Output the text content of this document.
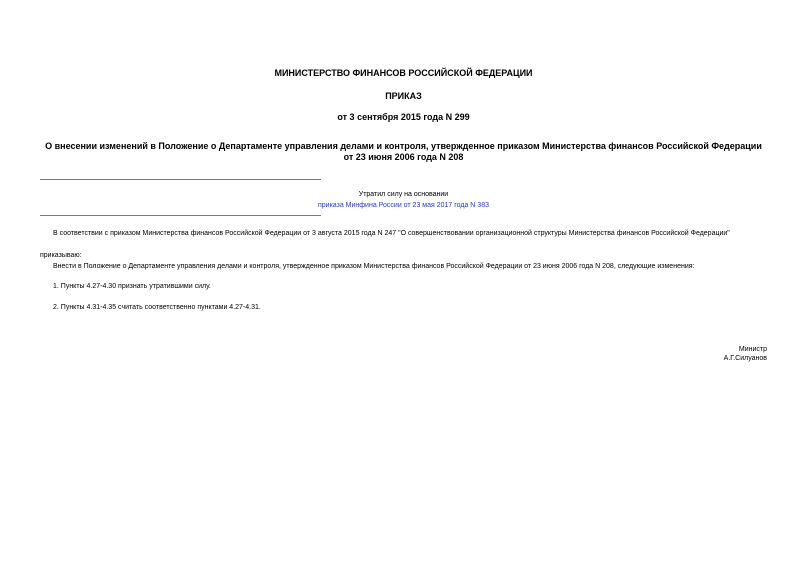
МИНИСТЕРСТВО ФИНАНСОВ РОССИЙСКОЙ ФЕДЕРАЦИИ
ПРИКАЗ
от 3 сентября 2015 года N 299
О внесении изменений в Положение о Департаменте управления делами и контроля, утвержденное приказом Министерства финансов Российской Федерации от 23 июня 2006 года N 208
Утратил силу на основании
приказа Минфина России от 23 мая 2017 года N 383
В соответствии с приказом Министерства финансов Российской Федерации от 3 августа 2015 года N 247 "О совершенствовании организационной структуры Министерства финансов Российской Федерации"
приказываю:
Внести в Положение о Департаменте управления делами и контроля, утвержденное приказом Министерства финансов Российской Федерации от 23 июня 2006 года N 208, следующие изменения:
1. Пункты 4.27-4.30 признать утратившими силу.
2. Пункты 4.31-4.35 считать соответственно пунктами 4.27-4.31.
Министр
А.Г.Силуанов
